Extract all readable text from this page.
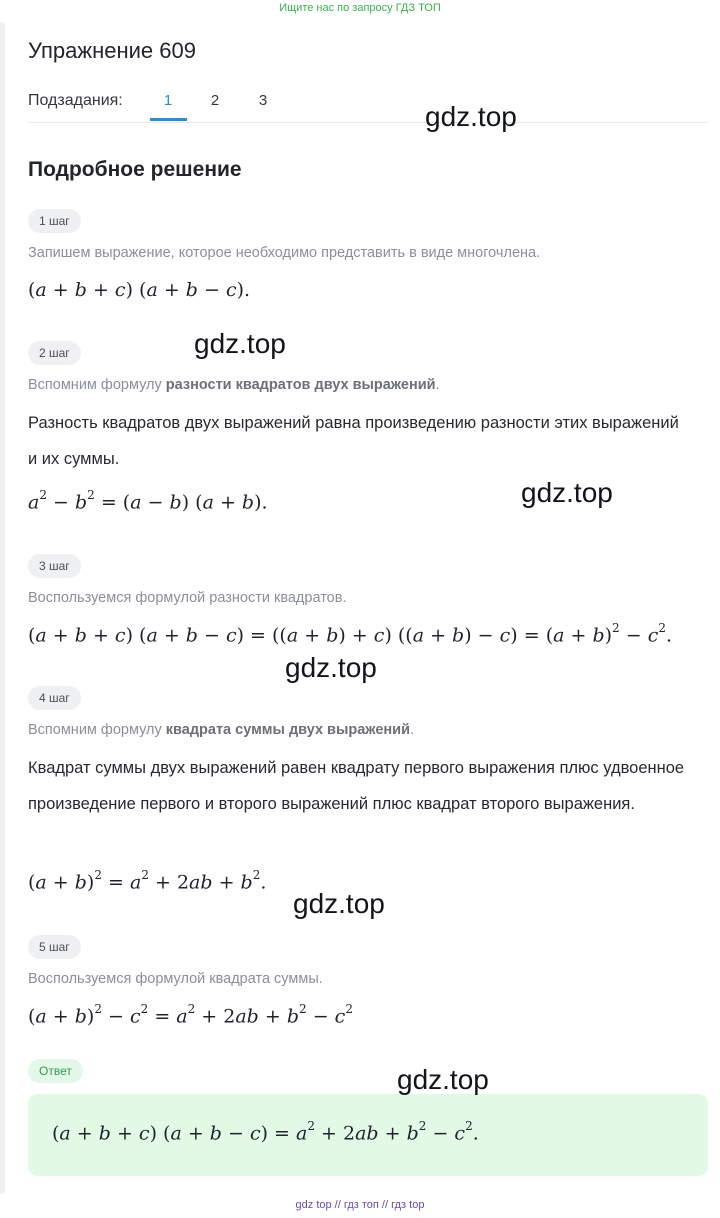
Ищите нас по запросу ГДЗ ТОП
Упражнение 609
Подзадания:	1	2	3
Подробное решение
1 шаг
Запишем выражение, которое необходимо представить в виде многочлена.
(a + b + c) (a + b − c).
2 шаг
Вспомним формулу разности квадратов двух выражений.
Разность квадратов двух выражений равна произведению разности этих выражений и их суммы.
$a^2 - b^2 = (a - b) (a + b)$.
3 шаг
Воспользуемся формулой разности квадратов.
(a + b + c) (a + b − c) = ((a + b) + c) $((a + b) - c) = (a + b)^2 - c^2$.
4 шаг
Вспомним формулу квадрата суммы двух выражений.
Квадрат суммы двух выражений равен квадрату первого выражения плюс удвоенное произведение первого и второго выражений плюс квадрат второго выражения.
$(a + b)^2 = a^2 + 2ab + b^2$.
5 шаг
Воспользуемся формулой квадрата суммы.
$(a + b)^2 - c^2 = a^2 + 2ab + b^2 - c^2$
Ответ
(a + b + c) $(a + b - c) = a^2 + 2ab + b^2 - c^2$.
gdz.top
gdz.top
gdz.top
gdz.top
gdz.top
gdz.top
gdz top // гдз топ // гдз top
